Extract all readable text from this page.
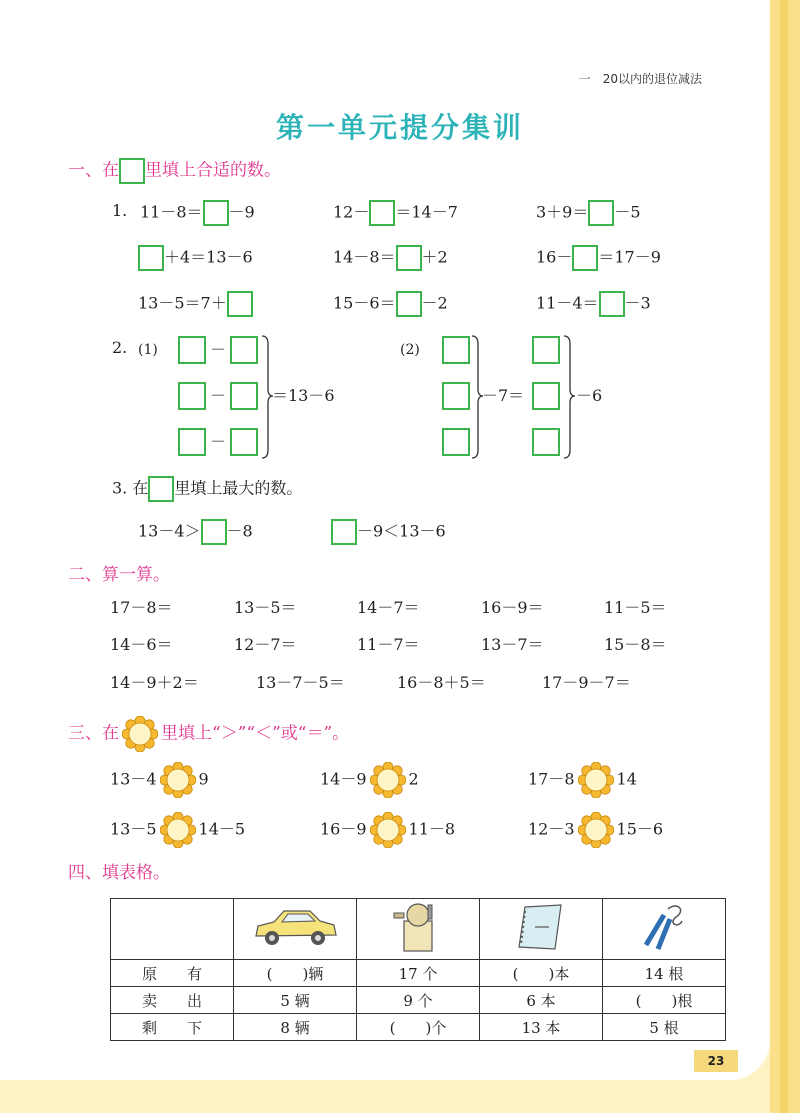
一　20以内的退位减法
第一单元提分集训
一、在 里填上合适的数。
1. 11－8＝ －9	12－ ＝14－7	3＋9＝ －5
＋4＝13－6	14－8＝ ＋2	16－ ＝17－9
13－5＝7＋	15－6＝ －2	11－4＝ －3
2. (1)	－
－
－
＝13－6
(2)
－7＝	－6
3. 在 里填上最大的数。
13－4＞ －8	－9＜13－6
二、算一算。
17－8＝	13－5＝	14－7＝	16－9＝	11－5＝
14－6＝	12－7＝	11－7＝	13－7＝	15－8＝
14－9＋2＝	13－7－5＝	16－8＋5＝	17－9－7＝
三、在 里填上“＞”“＜”或“＝”。
13－4	9	14－9	2	17－8	14
13－5	14－5	16－9	11－8	12－3	15－6
四、填表格。

原　　有	(　　)辆	17 个	(　　)本	14 根
卖　　出	5 辆	9 个	6 本	(　　)根
剩　　下	8 辆	(　　)个	13 本	5 根
23
